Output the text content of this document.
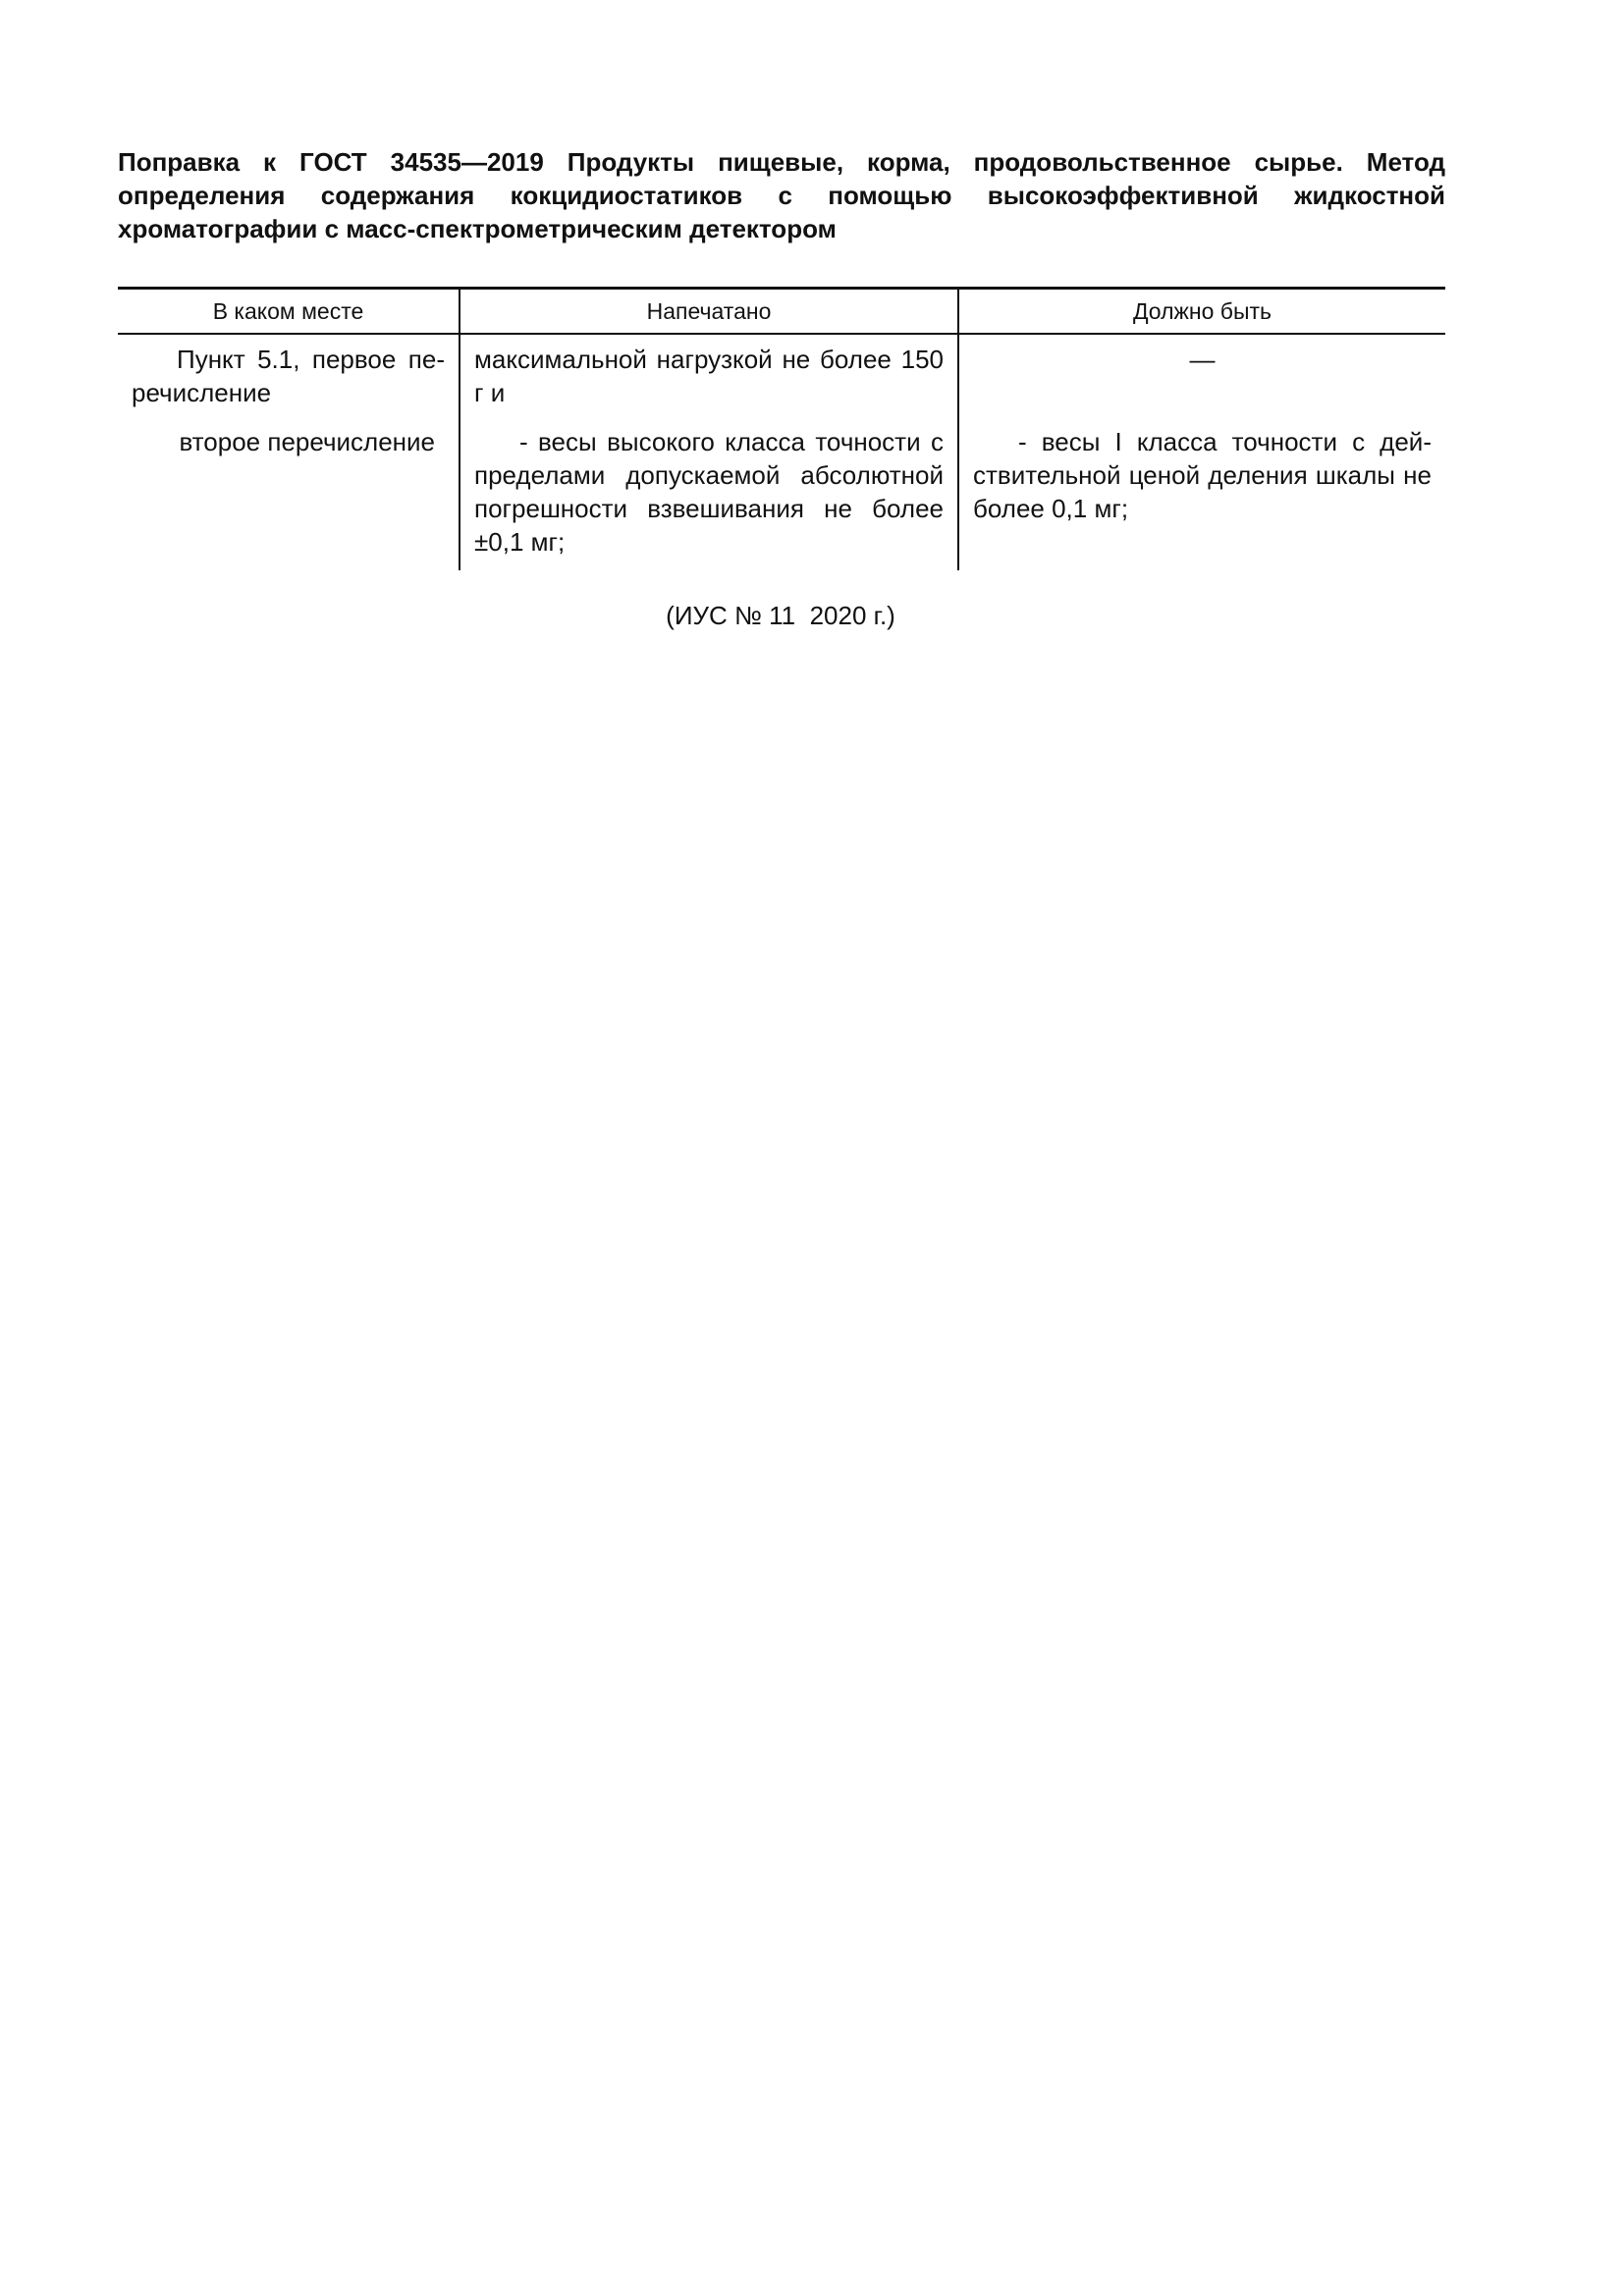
Поправка к ГОСТ 34535—2019 Продукты пищевые, корма, продовольственное сырье. Метод определения содержания кокцидиостатиков с помощью высокоэффективной жидкостной хроматографии с масс-спектрометрическим детектором

В каком месте	Напечатано	Должно быть
Пункт 5.1, первое перечисление	максимальной нагрузкой не более 150 г и	—
второе перечисление	- весы высокого класса точности с пределами допускаемой абсолютной погрешности взвешивания не более ±0,1 мг;	- весы I класса точности с действительной ценой деления шкалы не более 0,1 мг;

(ИУС № 11  2020 г.)
